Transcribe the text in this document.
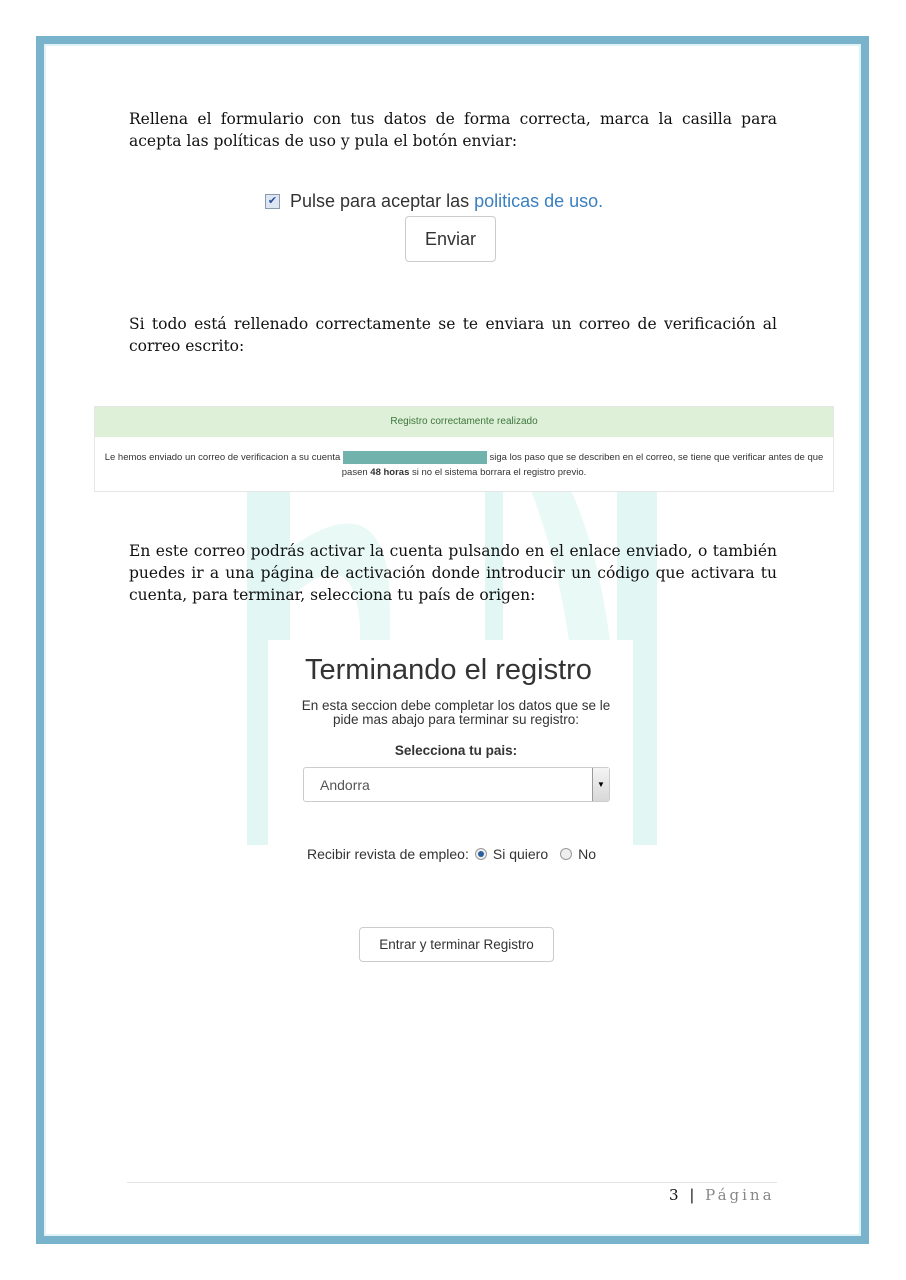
Rellena el formulario con tus datos de forma correcta, marca la casilla para acepta las políticas de uso y pula el botón enviar:
✔ Pulse para aceptar las politicas de uso.
Enviar
Si todo está rellenado correctamente se te enviara un correo de verificación al correo escrito:
Registro correctamente realizado
Le hemos enviado un correo de verificacion a su cuenta	siga los paso que se describen en el correo, se tiene que verificar antes de que pasen 48 horas si no el sistema borrara el registro previo.
En este correo podrás activar la cuenta pulsando en el enlace enviado, o también puedes ir a una página de activación donde introducir un código que activara tu cuenta, para terminar, selecciona tu país de origen:
Terminando el registro
En esta seccion debe completar los datos que se le pide mas abajo para terminar su registro:
Selecciona tu pais:
Andorra	▼
Recibir revista de empleo: Si quiero No
Entrar y terminar Registro
3 | Página
